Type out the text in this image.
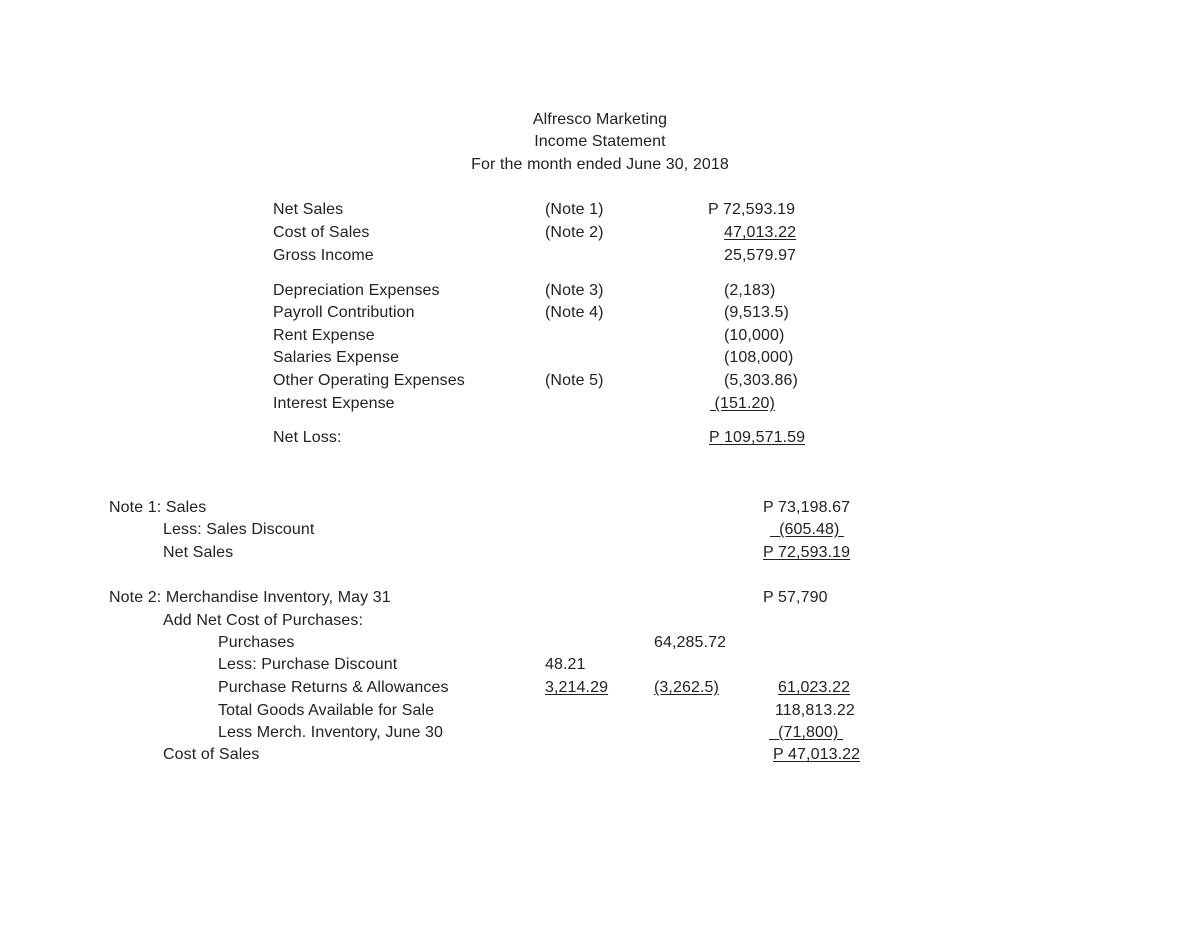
Alfresco Marketing
Income Statement
For the month ended June 30, 2018
Net Sales	(Note 1)	P 72,593.19
Cost of Sales	(Note 2)	47,013.22
Gross Income	25,579.97
Depreciation Expenses	(Note 3)	(2,183)
Payroll Contribution	(Note 4)	(9,513.5)
Rent Expense	(10,000)
Salaries Expense	(108,000)
Other Operating Expenses	(Note 5)	(5,303.86)
Interest Expense	(151.20)
Net Loss:	P 109,571.59
Note 1: Sales	P 73,198.67
Less: Sales Discount	(605.48)
Net Sales	P 72,593.19
Note 2: Merchandise Inventory, May 31	P 57,790
Add Net Cost of Purchases:
Purchases	64,285.72
Less: Purchase Discount	48.21
Purchase Returns & Allowances	3,214.29	(3,262.5)	61,023.22
Total Goods Available for Sale	118,813.22
Less Merch. Inventory, June 30	(71,800)
Cost of Sales	P 47,013.22
